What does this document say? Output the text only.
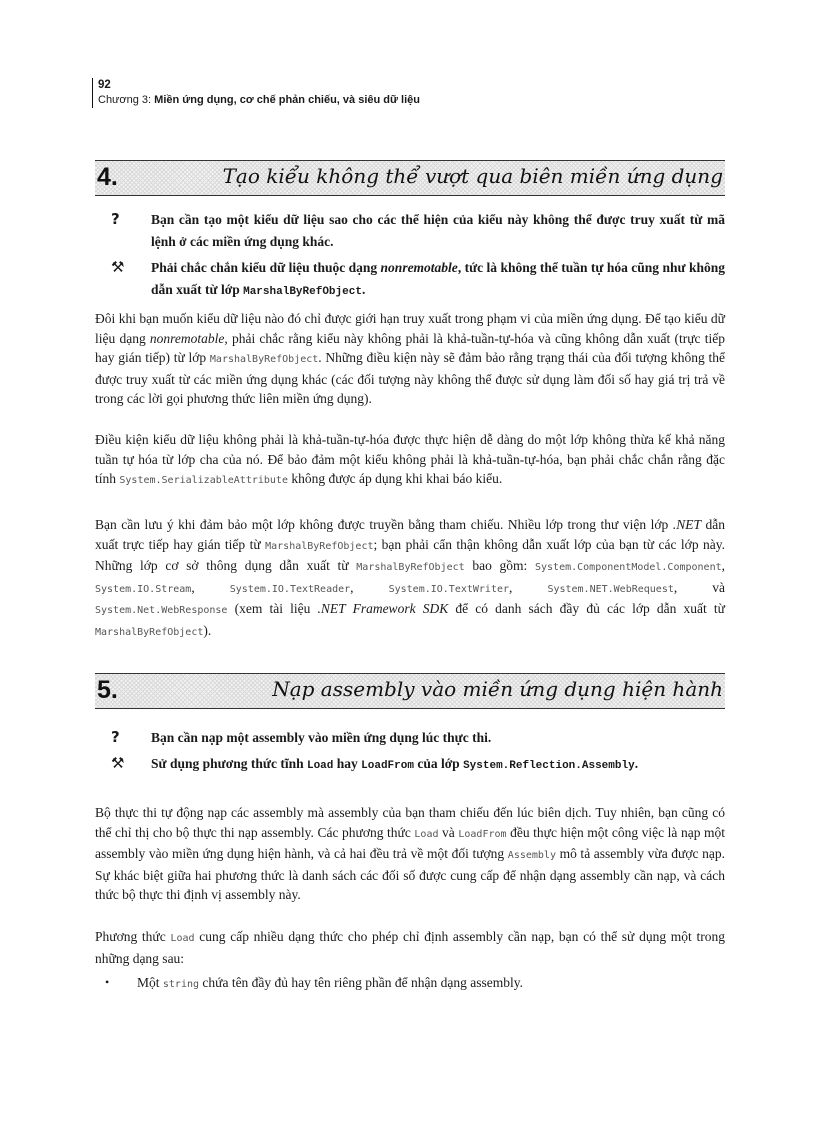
92
Chương 3: Miền ứng dụng, cơ chế phản chiếu, và siêu dữ liệu
4.	Tạo kiểu không thể vượt qua biên miền ứng dụng
? Bạn cần tạo một kiểu dữ liệu sao cho các thể hiện của kiểu này không thể được truy xuất từ mã lệnh ở các miền ứng dụng khác.
⚒ Phải chắc chắn kiểu dữ liệu thuộc dạng nonremotable, tức là không thể tuần tự hóa cũng như không dẫn xuất từ lớp MarshalByRefObject.

Đôi khi bạn muốn kiểu dữ liệu nào đó chỉ được giới hạn truy xuất trong phạm vi của miền ứng dụng. Để tạo kiểu dữ liệu dạng nonremotable, phải chắc rằng kiểu này không phải là khả-tuần-tự-hóa và cũng không dẫn xuất (trực tiếp hay gián tiếp) từ lớp MarshalByRefObject. Những điều kiện này sẽ đảm bảo rằng trạng thái của đối tượng không thể được truy xuất từ các miền ứng dụng khác (các đối tượng này không thể được sử dụng làm đối số hay giá trị trả về trong các lời gọi phương thức liên miền ứng dụng).

Điều kiện kiểu dữ liệu không phải là khả-tuần-tự-hóa được thực hiện dễ dàng do một lớp không thừa kế khả năng tuần tự hóa từ lớp cha của nó. Để bảo đảm một kiểu không phải là khả-tuần-tự-hóa, bạn phải chắc chắn rằng đặc tính System.SerializableAttribute không được áp dụng khi khai báo kiểu.

Bạn cần lưu ý khi đảm bảo một lớp không được truyền bằng tham chiếu. Nhiều lớp trong thư viện lớp .NET dẫn xuất trực tiếp hay gián tiếp từ MarshalByRefObject; bạn phải cẩn thận không dẫn xuất lớp của bạn từ các lớp này. Những lớp cơ sở thông dụng dẫn xuất từ MarshalByRefObject bao gồm: System.ComponentModel.Component, System.IO.Stream, System.IO.TextReader, System.IO.TextWriter, System.NET.WebRequest, và System.Net.WebResponse (xem tài liệu .NET Framework SDK để có danh sách đầy đủ các lớp dẫn xuất từ MarshalByRefObject).

5.	Nạp assembly vào miền ứng dụng hiện hành
? Bạn cần nạp một assembly vào miền ứng dụng lúc thực thi.
⚒ Sử dụng phương thức tĩnh Load hay LoadFrom của lớp System.Reflection.Assembly.

Bộ thực thi tự động nạp các assembly mà assembly của bạn tham chiếu đến lúc biên dịch. Tuy nhiên, bạn cũng có thể chỉ thị cho bộ thực thi nạp assembly. Các phương thức Load và LoadFrom đều thực hiện một công việc là nạp một assembly vào miền ứng dụng hiện hành, và cả hai đều trả về một đối tượng Assembly mô tả assembly vừa được nạp. Sự khác biệt giữa hai phương thức là danh sách các đối số được cung cấp để nhận dạng assembly cần nạp, và cách thức bộ thực thi định vị assembly này.

Phương thức Load cung cấp nhiều dạng thức cho phép chỉ định assembly cần nạp, bạn có thể sử dụng một trong những dạng sau:

• Một string chứa tên đầy đủ hay tên riêng phần để nhận dạng assembly.
